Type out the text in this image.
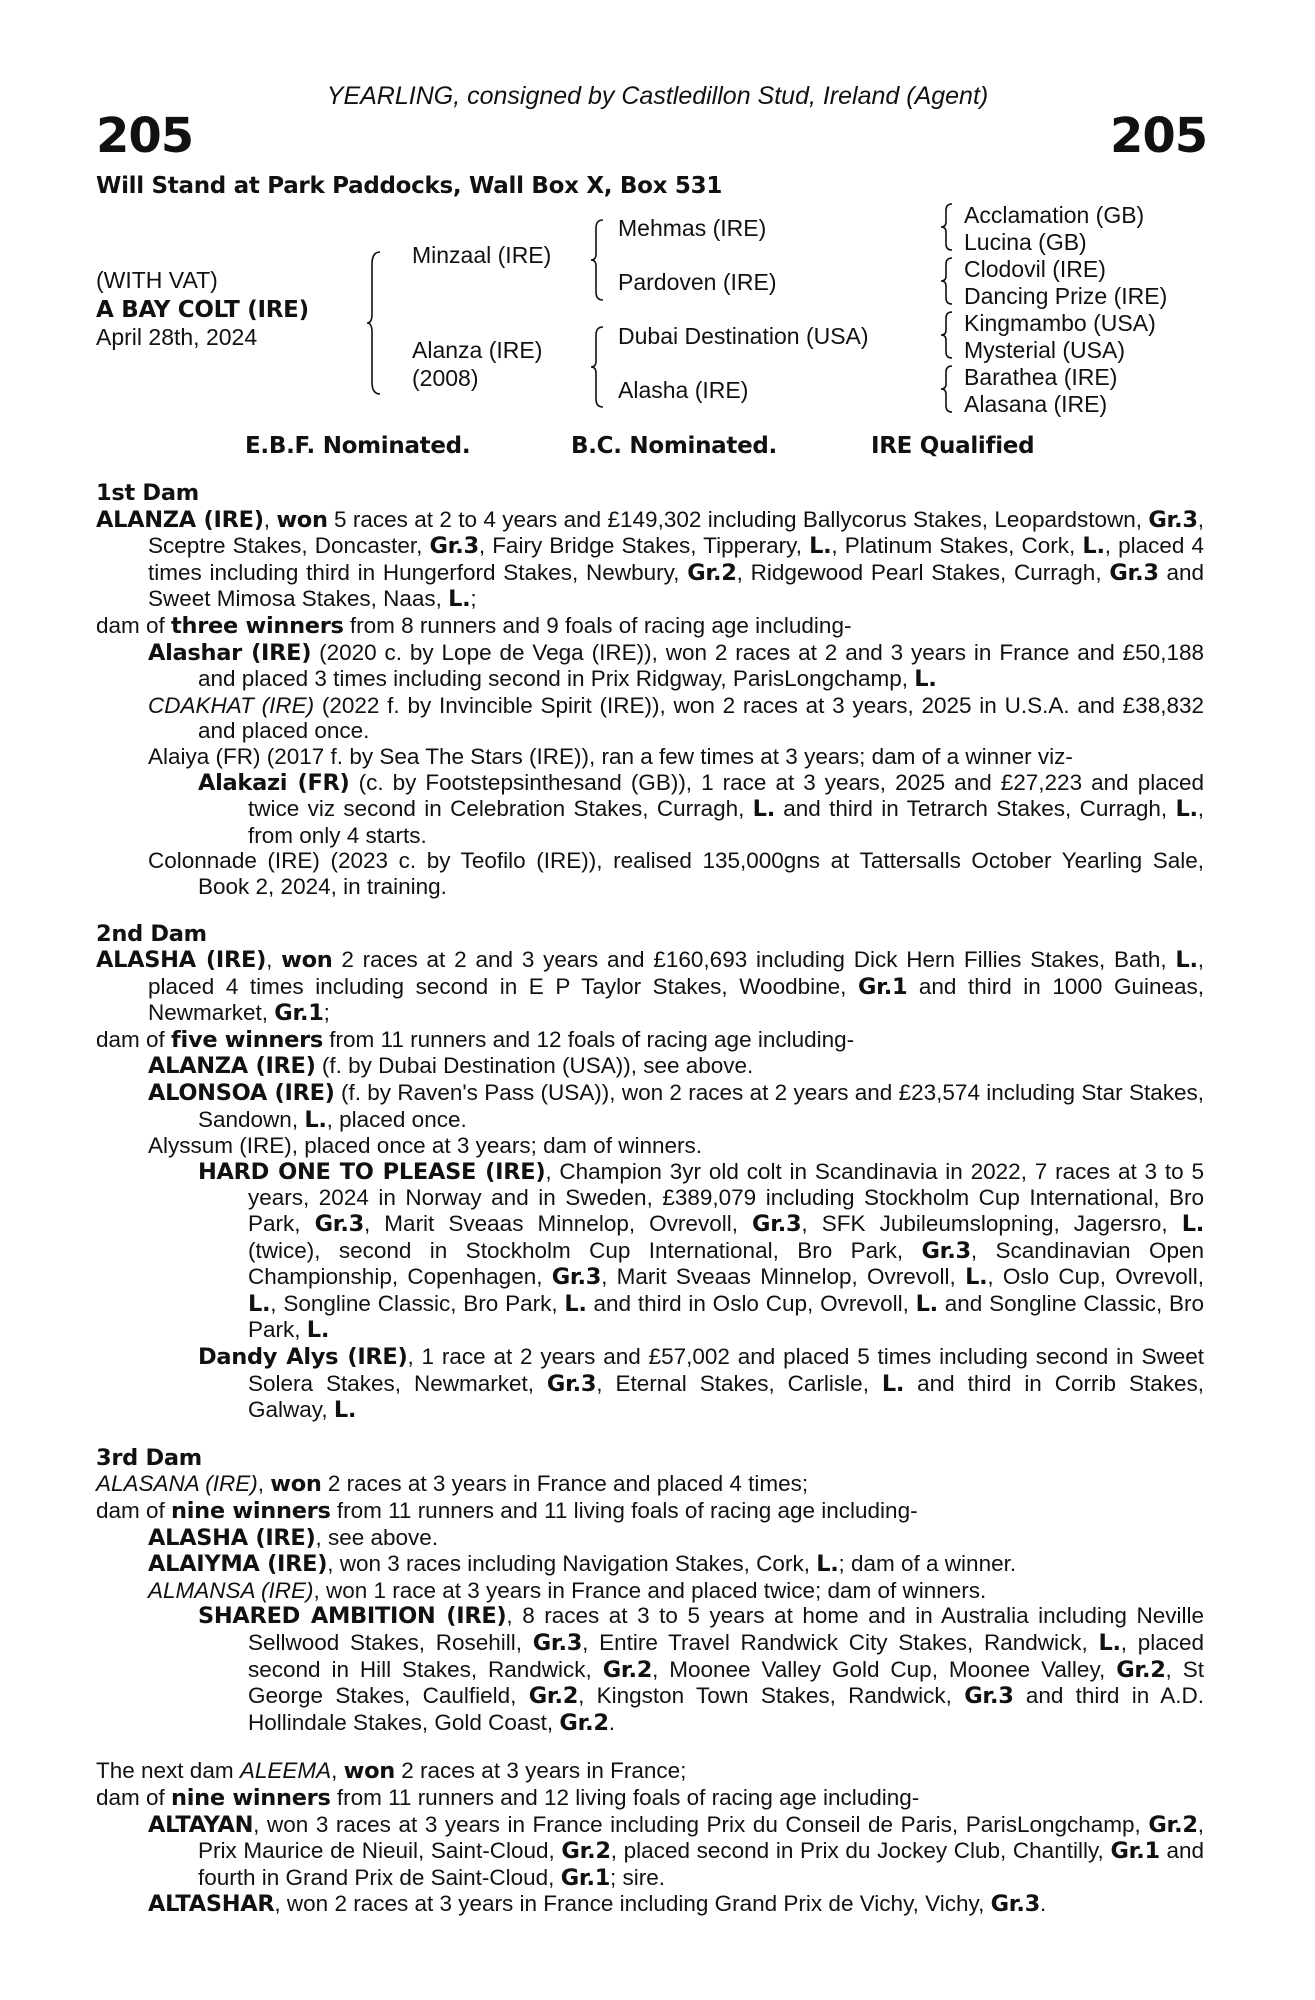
YEARLING, consigned by Castledillon Stud, Ireland (Agent)
205	205
Will Stand at Park Paddocks, Wall Box X, Box 531
(WITH VAT)
A BAY COLT (IRE)
April 28th, 2024
Minzaal (IRE)
Alanza (IRE)
(2008)
Mehmas (IRE)
Pardoven (IRE)
Dubai Destination (USA)
Alasha (IRE)
Acclamation (GB)
Lucina (GB)
Clodovil (IRE)
Dancing Prize (IRE)
Kingmambo (USA)
Mysterial (USA)
Barathea (IRE)
Alasana (IRE)
E.B.F. Nominated.	B.C. Nominated.	IRE Qualified
1st Dam
ALANZA (IRE), won 5 races at 2 to 4 years and £149,302 including Ballycorus Stakes, Leopardstown, Gr.3, Sceptre Stakes, Doncaster, Gr.3, Fairy Bridge Stakes, Tipperary, L., Platinum Stakes, Cork, L., placed 4 times including third in Hungerford Stakes, Newbury, Gr.2, Ridgewood Pearl Stakes, Curragh, Gr.3 and Sweet Mimosa Stakes, Naas, L.;
dam of three winners from 8 runners and 9 foals of racing age including-
Alashar (IRE) (2020 c. by Lope de Vega (IRE)), won 2 races at 2 and 3 years in France and £50,188 and placed 3 times including second in Prix Ridgway, ParisLongchamp, L.
CDAKHAT (IRE) (2022 f. by Invincible Spirit (IRE)), won 2 races at 3 years, 2025 in U.S.A. and £38,832 and placed once.
Alaiya (FR) (2017 f. by Sea The Stars (IRE)), ran a few times at 3 years; dam of a winner viz-
Alakazi (FR) (c. by Footstepsinthesand (GB)), 1 race at 3 years, 2025 and £27,223 and placed twice viz second in Celebration Stakes, Curragh, L. and third in Tetrarch Stakes, Curragh, L., from only 4 starts.
Colonnade (IRE) (2023 c. by Teofilo (IRE)), realised 135,000gns at Tattersalls October Yearling Sale, Book 2, 2024, in training.
2nd Dam
ALASHA (IRE), won 2 races at 2 and 3 years and £160,693 including Dick Hern Fillies Stakes, Bath, L., placed 4 times including second in E P Taylor Stakes, Woodbine, Gr.1 and third in 1000 Guineas, Newmarket, Gr.1;
dam of five winners from 11 runners and 12 foals of racing age including-
ALANZA (IRE) (f. by Dubai Destination (USA)), see above.
ALONSOA (IRE) (f. by Raven's Pass (USA)), won 2 races at 2 years and £23,574 including Star Stakes, Sandown, L., placed once.
Alyssum (IRE), placed once at 3 years; dam of winners.
HARD ONE TO PLEASE (IRE), Champion 3yr old colt in Scandinavia in 2022, 7 races at 3 to 5 years, 2024 in Norway and in Sweden, £389,079 including Stockholm Cup International, Bro Park, Gr.3, Marit Sveaas Minnelop, Ovrevoll, Gr.3, SFK Jubileumslopning, Jagersro, L. (twice), second in Stockholm Cup International, Bro Park, Gr.3, Scandinavian Open Championship, Copenhagen, Gr.3, Marit Sveaas Minnelop, Ovrevoll, L., Oslo Cup, Ovrevoll, L., Songline Classic, Bro Park, L. and third in Oslo Cup, Ovrevoll, L. and Songline Classic, Bro Park, L.
Dandy Alys (IRE), 1 race at 2 years and £57,002 and placed 5 times including second in Sweet Solera Stakes, Newmarket, Gr.3, Eternal Stakes, Carlisle, L. and third in Corrib Stakes, Galway, L.
3rd Dam
ALASANA (IRE), won 2 races at 3 years in France and placed 4 times;
dam of nine winners from 11 runners and 11 living foals of racing age including-
ALASHA (IRE), see above.
ALAIYMA (IRE), won 3 races including Navigation Stakes, Cork, L.; dam of a winner.
ALMANSA (IRE), won 1 race at 3 years in France and placed twice; dam of winners.
SHARED AMBITION (IRE), 8 races at 3 to 5 years at home and in Australia including Neville Sellwood Stakes, Rosehill, Gr.3, Entire Travel Randwick City Stakes, Randwick, L., placed second in Hill Stakes, Randwick, Gr.2, Moonee Valley Gold Cup, Moonee Valley, Gr.2, St George Stakes, Caulfield, Gr.2, Kingston Town Stakes, Randwick, Gr.3 and third in A.D. Hollindale Stakes, Gold Coast, Gr.2.
The next dam ALEEMA, won 2 races at 3 years in France;
dam of nine winners from 11 runners and 12 living foals of racing age including-
ALTAYAN, won 3 races at 3 years in France including Prix du Conseil de Paris, ParisLongchamp, Gr.2, Prix Maurice de Nieuil, Saint-Cloud, Gr.2, placed second in Prix du Jockey Club, Chantilly, Gr.1 and fourth in Grand Prix de Saint-Cloud, Gr.1; sire.
ALTASHAR, won 2 races at 3 years in France including Grand Prix de Vichy, Vichy, Gr.3.
